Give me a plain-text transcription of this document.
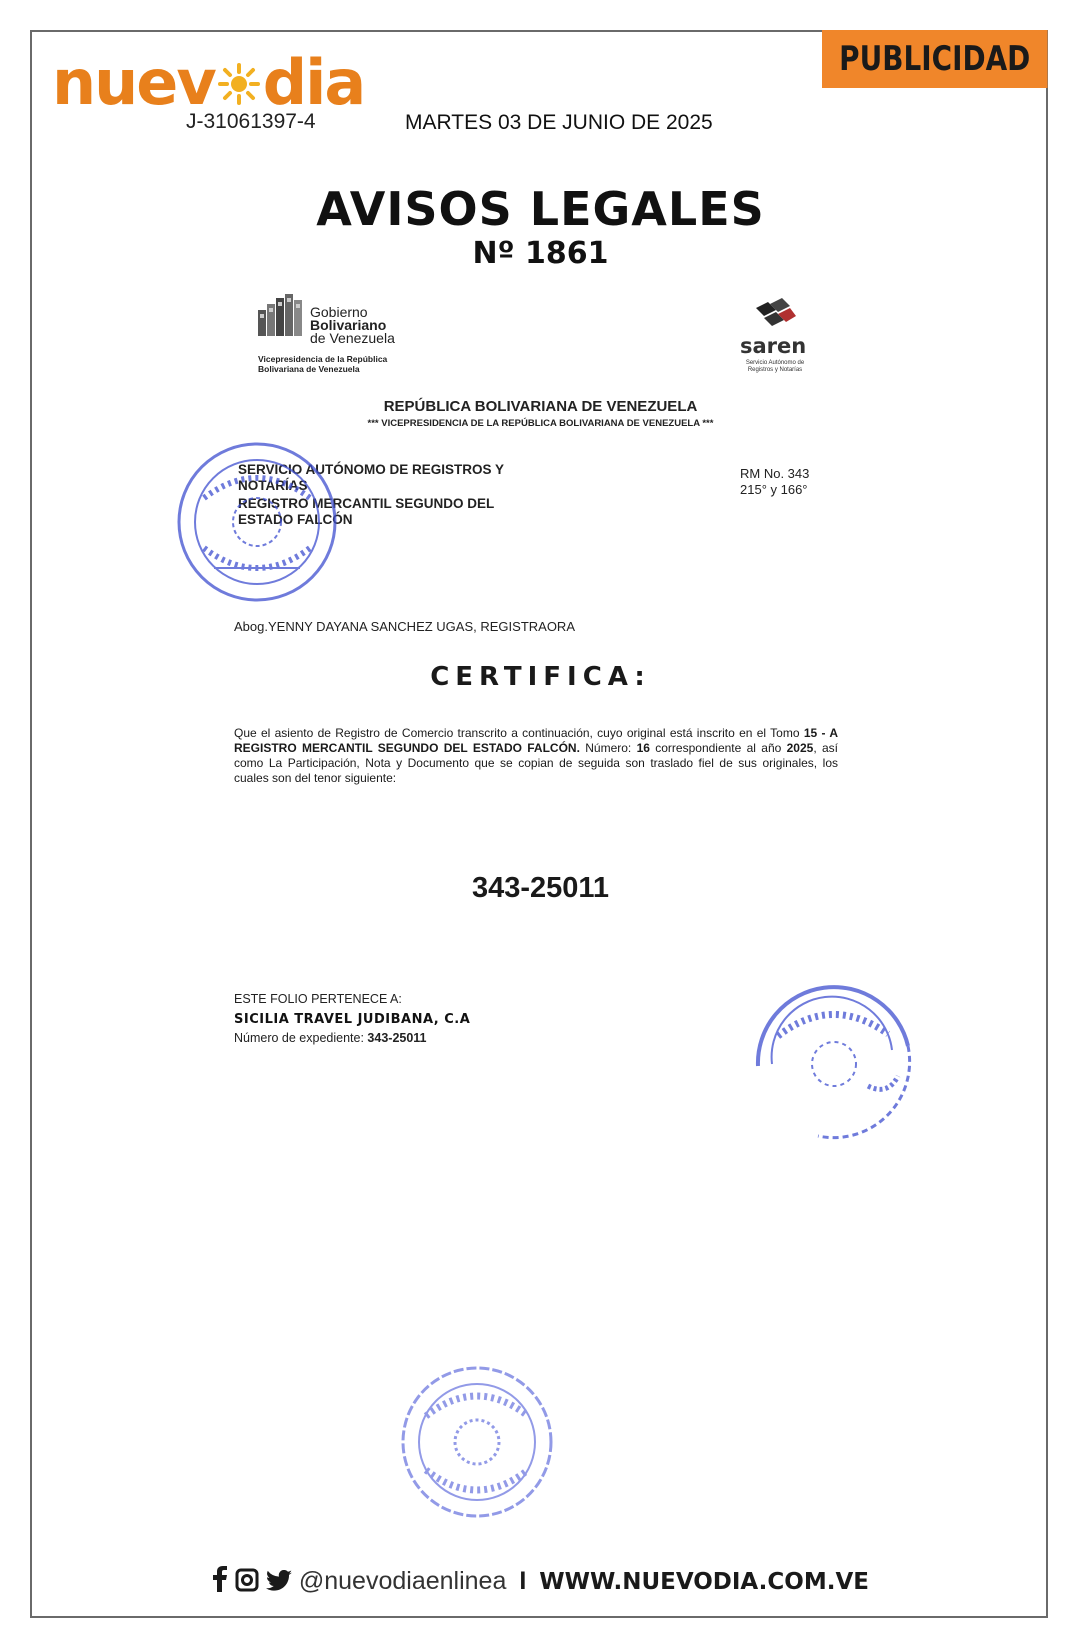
nuev dia
J-31061397-4	MARTES 03 DE JUNIO DE 2025
PUBLICIDAD
AVISOS LEGALES
Nº 1861
Gobierno
Bolivariano
de Venezuela
Vicepresidencia de la República
Bolivariana de Venezuela
saren
Servicio Autónomo de
Registros y Notarías
REPÚBLICA BOLIVARIANA DE VENEZUELA
*** VICEPRESIDENCIA DE LA REPÚBLICA BOLIVARIANA DE VENEZUELA ***
SERVICIO AUTÓNOMO DE REGISTROS Y NOTARÍAS
REGISTRO MERCANTIL SEGUNDO DEL ESTADO FALCÓN
RM No. 343
215° y 166°
Abog.YENNY DAYANA SANCHEZ UGAS, REGISTRAORA
CERTIFICA:
Que el asiento de Registro de Comercio transcrito a continuación, cuyo original está inscrito en el Tomo 15 - A REGISTRO MERCANTIL SEGUNDO DEL ESTADO FALCÓN. Número: 16 correspondiente al año 2025, así como La Participación, Nota y Documento que se copian de seguida son traslado fiel de sus originales, los cuales son del tenor siguiente:
343-25011
ESTE FOLIO PERTENECE A:
SICILIA TRAVEL JUDIBANA, C.A
Número de expediente: 343-25011
@nuevodiaenlinea I WWW.NUEVODIA.COM.VE
